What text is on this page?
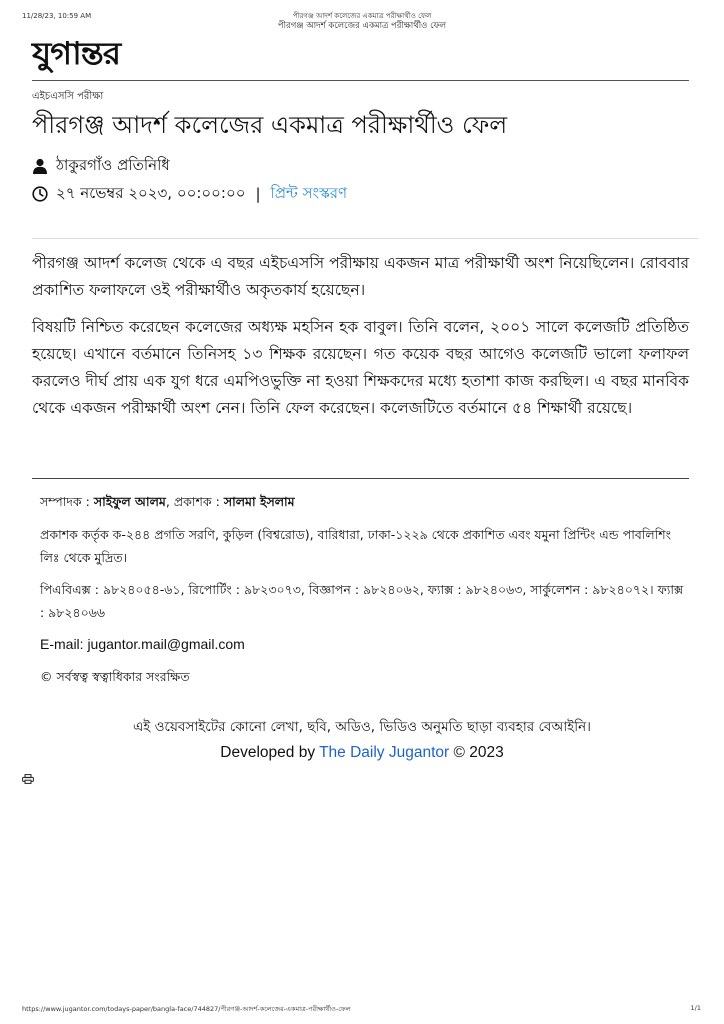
11/28/23, 10:59 AM	পীরগঞ্জ আদর্শ কলেজের একমাত্র পরীক্ষার্থীও ফেল
পীরগঞ্জ আদর্শ কলেজের একমাত্র পরীক্ষার্থীও ফেল
যুগান্তর
এইচএসসি পরীক্ষা
পীরগঞ্জ আদর্শ কলেজের একমাত্র পরীক্ষার্থীও ফেল
ঠাকুরগাঁও প্রতিনিধি
২৭ নভেম্বর ২০২৩, ০০:০০:০০ | প্রিন্ট সংস্করণ

পীরগঞ্জ আদর্শ কলেজ থেকে এ বছর এইচএসসি পরীক্ষায় একজন মাত্র পরীক্ষার্থী অংশ নিয়েছিলেন। রোববার প্রকাশিত ফলাফলে ওই পরীক্ষার্থীও অকৃতকার্য হয়েছেন।

বিষয়টি নিশ্চিত করেছেন কলেজের অধ্যক্ষ মহসিন হক বাবুল। তিনি বলেন, ২০০১ সালে কলেজটি প্রতিষ্ঠিত হয়েছে। এখানে বর্তমানে তিনিসহ ১৩ শিক্ষক রয়েছেন। গত কয়েক বছর আগেও কলেজটি ভালো ফলাফল করলেও দীর্ঘ প্রায় এক যুগ ধরে এমপিওভুক্তি না হওয়া শিক্ষকদের মধ্যে হতাশা কাজ করছিল। এ বছর মানবিক থেকে একজন পরীক্ষার্থী অংশ নেন। তিনি ফেল করেছেন। কলেজটিতে বর্তমানে ৫৪ শিক্ষার্থী রয়েছে।

সম্পাদক : সাইফুল আলম, প্রকাশক : সালমা ইসলাম

প্রকাশক কর্তৃক ক-২৪৪ প্রগতি সরণি, কুড়িল (বিশ্বরোড), বারিধারা, ঢাকা-১২২৯ থেকে প্রকাশিত এবং যমুনা প্রিন্টিং এন্ড পাবলিশিং লিঃ থেকে মুদ্রিত।

পিএবিএক্স : ৯৮২৪০৫৪-৬১, রিপোর্টিং : ৯৮২৩০৭৩, বিজ্ঞাপন : ৯৮২৪০৬২, ফ্যাক্স : ৯৮২৪০৬৩, সার্কুলেশন : ৯৮২৪০৭২। ফ্যাক্স : ৯৮২৪০৬৬

E-mail: jugantor.mail@gmail.com

© সর্বস্বত্ব স্বত্বাধিকার সংরক্ষিত

এই ওয়েবসাইটের কোনো লেখা, ছবি, অডিও, ভিডিও অনুমতি ছাড়া ব্যবহার বেআইনি।
Developed by The Daily Jugantor © 2023
https://www.jugantor.com/todays-paper/bangla-face/744827/পীরগঞ্জ-আদর্শ-কলেজের-একমাত্র-পরীক্ষার্থীও-ফেল	1/1
